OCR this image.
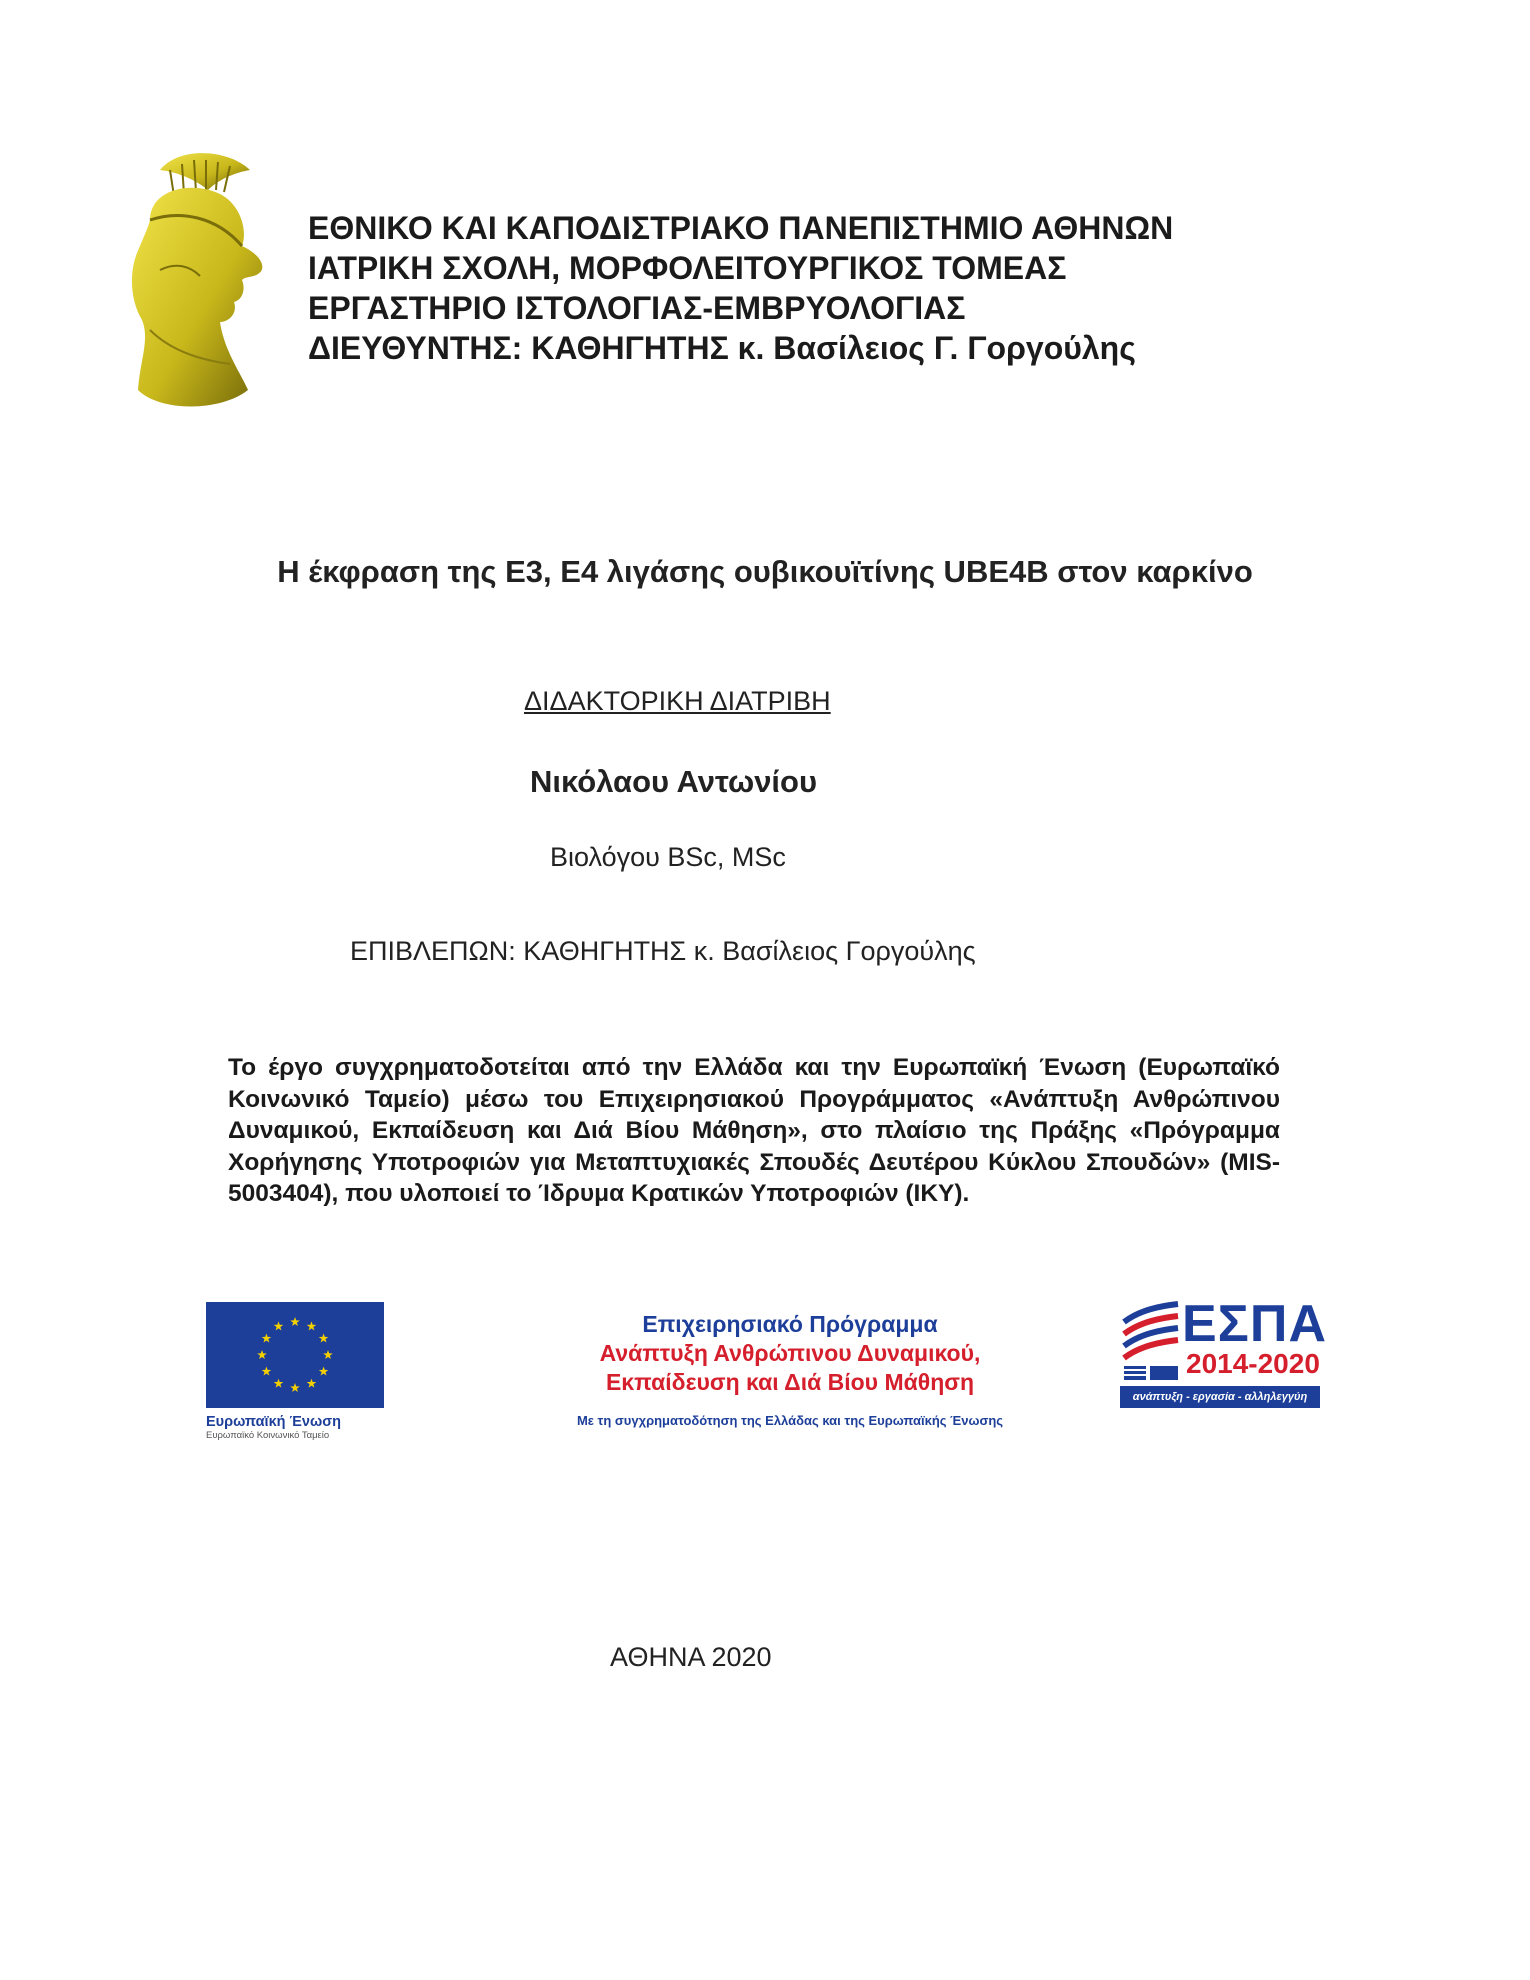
ΕΘΝΙΚΟ ΚΑΙ ΚΑΠΟΔΙΣΤΡΙΑΚΟ ΠΑΝΕΠΙΣΤΗΜΙΟ ΑΘΗΝΩΝ
ΙΑΤΡΙΚΗ ΣΧΟΛΗ, ΜΟΡΦΟΛΕΙΤΟΥΡΓΙΚΟΣ ΤΟΜΕΑΣ
ΕΡΓΑΣΤΗΡΙΟ ΙΣΤΟΛΟΓΙΑΣ-ΕΜΒΡΥΟΛΟΓΙΑΣ
ΔΙΕΥΘΥΝΤΗΣ: ΚΑΘΗΓΗΤΗΣ κ. Βασίλειος Γ. Γοργούλης
Η έκφραση της Ε3, Ε4 λιγάσης ουβικουϊτίνης UBE4B στον καρκίνο
ΔΙΔΑΚΤΟΡΙΚΗ ΔΙΑΤΡΙΒΗ
Νικόλαου Αντωνίου
Βιολόγου BSc, MSc
ΕΠΙΒΛΕΠΩΝ: ΚΑΘΗΓΗΤΗΣ κ. Βασίλειος Γοργούλης
Το έργο συγχρηματοδοτείται από την Ελλάδα και την Ευρωπαϊκή Ένωση (Ευρωπαϊκό Κοινωνικό Ταμείο) μέσω του Επιχειρησιακού Προγράμματος «Ανάπτυξη Ανθρώπινου Δυναμικού, Εκπαίδευση και Διά Βίου Μάθηση», στο πλαίσιο της Πράξης «Πρόγραμμα Χορήγησης Υποτροφιών για Μεταπτυχιακές Σπουδές Δευτέρου Κύκλου Σπουδών» (MIS-5003404), που υλοποιεί το Ίδρυμα Κρατικών Υποτροφιών (ΙΚΥ).
Ευρωπαϊκή Ένωση
Ευρωπαϊκό Κοινωνικό Ταμείο
Επιχειρησιακό Πρόγραμμα
Ανάπτυξη Ανθρώπινου Δυναμικού,
Εκπαίδευση και Διά Βίου Μάθηση
Με τη συγχρηματοδότηση της Ελλάδας και της Ευρωπαϊκής Ένωσης
ΕΣΠΑ
2014-2020
ανάπτυξη - εργασία - αλληλεγγύη
ΑΘΗΝΑ 2020
